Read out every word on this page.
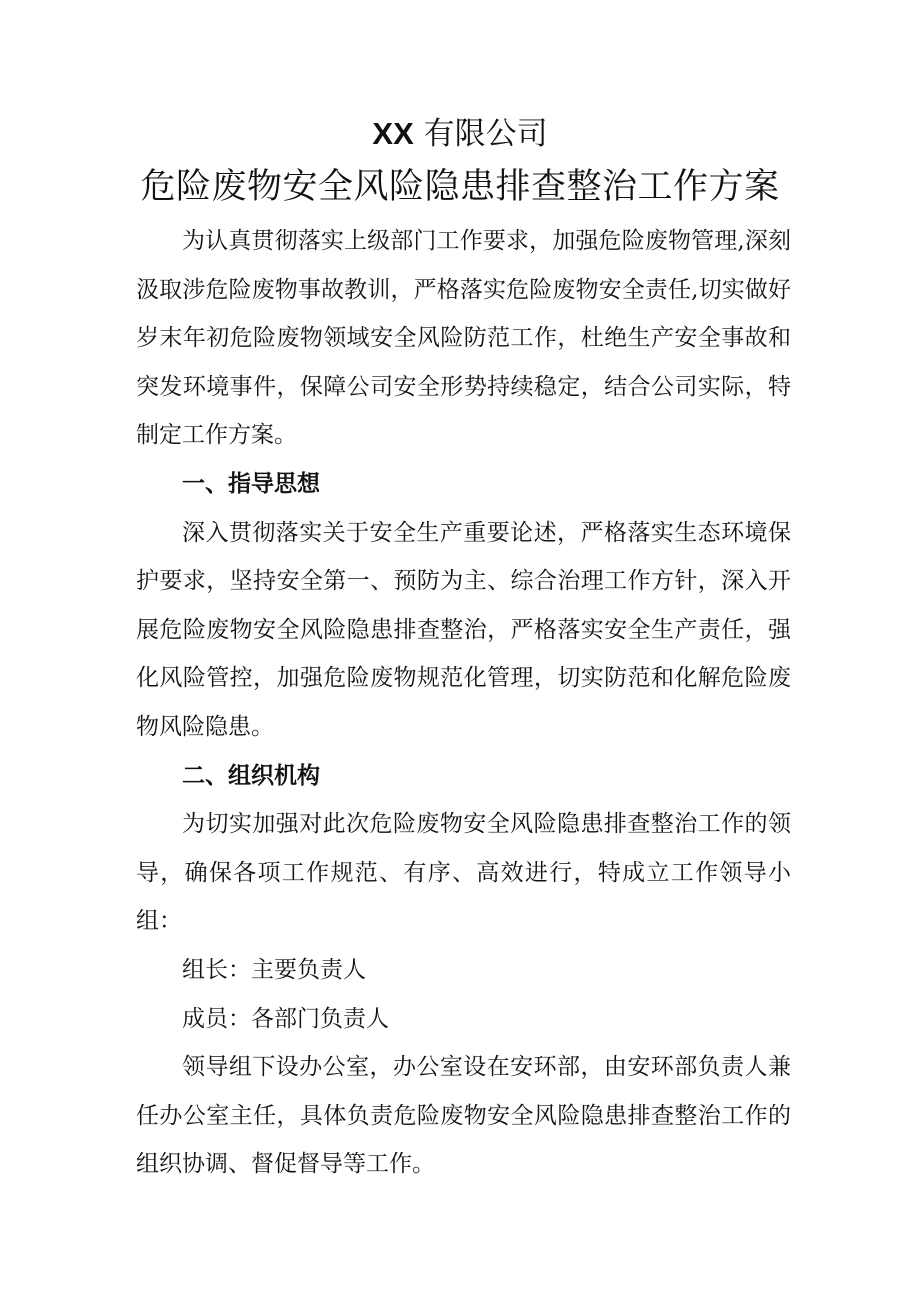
XX 有限公司
危险废物安全风险隐患排查整治工作方案

为认真贯彻落实上级部门工作要求，加强危险废物管理,深刻汲取涉危险废物事故教训，严格落实危险废物安全责任,切实做好岁末年初危险废物领域安全风险防范工作，杜绝生产安全事故和突发环境事件，保障公司安全形势持续稳定，结合公司实际，特制定工作方案。

一、指导思想

深入贯彻落实关于安全生产重要论述，严格落实生态环境保护要求，坚持安全第一、预防为主、综合治理工作方针，深入开展危险废物安全风险隐患排查整治，严格落实安全生产责任，强化风险管控，加强危险废物规范化管理，切实防范和化解危险废物风险隐患。

二、组织机构

为切实加强对此次危险废物安全风险隐患排查整治工作的领导，确保各项工作规范、有序、高效进行，特成立工作领导小组：

组长：主要负责人

成员：各部门负责人

领导组下设办公室，办公室设在安环部，由安环部负责人兼任办公室主任，具体负责危险废物安全风险隐患排查整治工作的组织协调、督促督导等工作。
